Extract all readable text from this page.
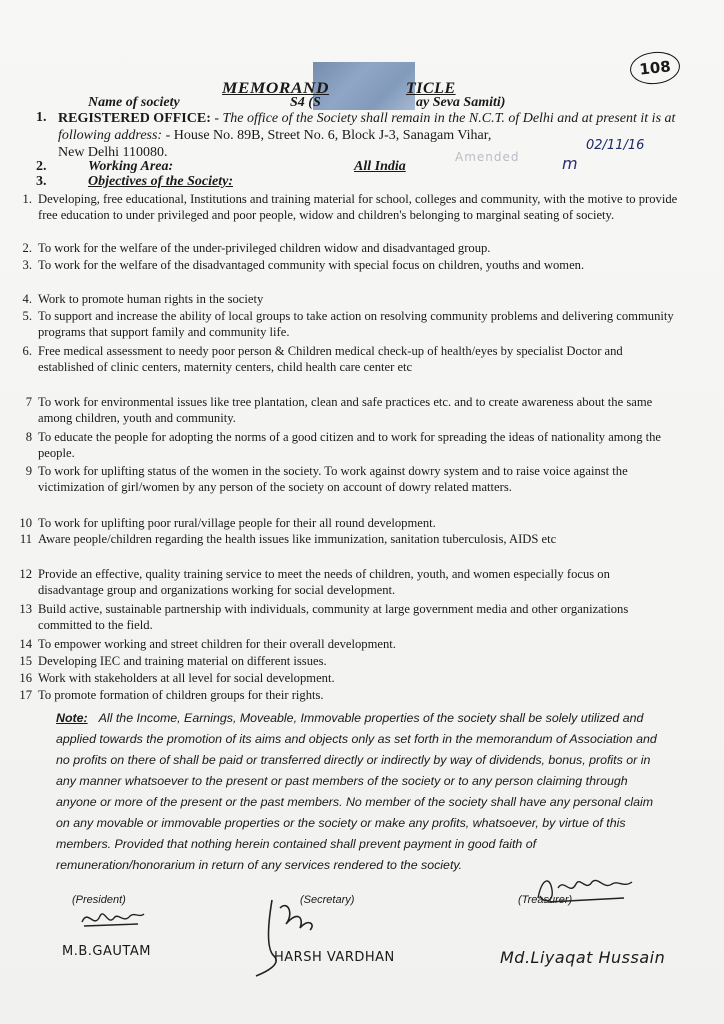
MEMORAND	TICLE
108
Name of society	S4 (S	ay Seva Samiti)
1. REGISTERED OFFICE: - The office of the Society shall remain in the N.C.T. of Delhi and at present it is at following address: - House No. 89B, Street No. 6, Block J-3, Sanagam Vihar,
New Delhi 110080.	Amended
02/11/16
m
2.	Working Area:	All India
3.	Objectives of the Society:
1. Developing, free educational, Institutions and training material for school, colleges and community, with the motive to provide free education to under privileged and poor people, widow and children's belonging to marginal seating of society.
2. To work for the welfare of the under-privileged children widow and disadvantaged group.
3. To work for the welfare of the disadvantaged community with special focus on children, youths and women.
4. Work to promote human rights in the society
5. To support and increase the ability of local groups to take action on resolving community problems and delivering community programs that support family and community life.
6. Free medical assessment to needy poor person & Children medical check-up of health/eyes by specialist Doctor and established of clinic centers, maternity centers, child health care center etc
7 To work for environmental issues like tree plantation, clean and safe practices etc. and to create awareness about the same among children, youth and community.
8 To educate the people for adopting the norms of a good citizen and to work for spreading the ideas of nationality among the people.
9 To work for uplifting status of the women in the society. To work against dowry system and to raise voice against the victimization of girl/women by any person of the society on account of dowry related matters.
10 To work for uplifting poor rural/village people for their all round development.
11 Aware people/children regarding the health issues like immunization, sanitation tuberculosis, AIDS etc
12 Provide an effective, quality training service to meet the needs of children, youth, and women especially focus on disadvantage group and organizations working for social development.
13 Build active, sustainable partnership with individuals, community at large government media and other organizations committed to the field.
14 To empower working and street children for their overall development.
15 Developing IEC and training material on different issues.
16 Work with stakeholders at all level for social development.
17 To promote formation of children groups for their rights.
Note: All the Income, Earnings, Moveable, Immovable properties of the society shall be solely utilized and applied towards the promotion of its aims and objects only as set forth in the memorandum of Association and no profits on there of shall be paid or transferred directly or indirectly by way of dividends, bonus, profits or in any manner whatsoever to the present or past members of the society or to any person claiming through anyone or more of the present or the past members. No member of the society shall have any personal claim on any movable or immovable properties or the society or make any profits, whatsoever, by virtue of this members. Provided that nothing herein contained shall prevent payment in good faith of remuneration/honorarium in return of any services rendered to the society.
(President)	(Secretary)	(Treasurer)
M.B.GAUTAM	HARSH VARDHAN	Md.Liyaqat Hussain
